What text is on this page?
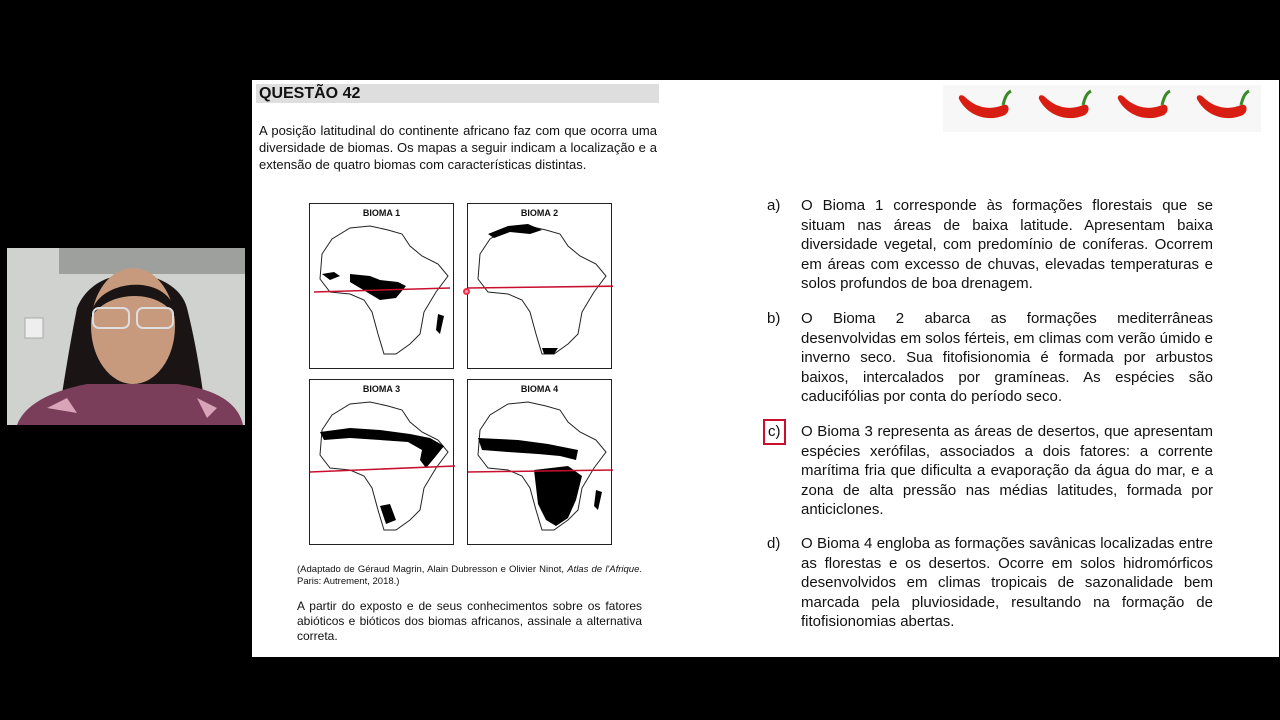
QUESTÃO 42
A posição latitudinal do continente africano faz com que ocorra uma diversidade de biomas. Os mapas a seguir indicam a localização e a extensão de quatro biomas com características distintas.
BIOMA 1	BIOMA 2
BIOMA 3	BIOMA 4
(Adaptado de Géraud Magrin, Alain Dubresson e Olivier Ninot, Atlas de l'Afrique. Paris: Autrement, 2018.)
A partir do exposto e de seus conhecimentos sobre os fatores abióticos e bióticos dos biomas africanos, assinale a alternativa correta.
a)	O Bioma 1 corresponde às formações florestais que se situam nas áreas de baixa latitude. Apresentam baixa diversidade vegetal, com predomínio de coníferas. Ocorrem em áreas com excesso de chuvas, elevadas temperaturas e solos profundos de boa drenagem.
b)	O Bioma 2 abarca as formações mediterrâneas desenvolvidas em solos férteis, em climas com verão úmido e inverno seco. Sua fitofisionomia é formada por arbustos baixos, intercalados por gramíneas. As espécies são caducifólias por conta do período seco.
c)	O Bioma 3 representa as áreas de desertos, que apresentam espécies xerófilas, associados a dois fatores: a corrente marítima fria que dificulta a evaporação da água do mar, e a zona de alta pressão nas médias latitudes, formada por anticiclones.
d)	O Bioma 4 engloba as formações savânicas localizadas entre as florestas e os desertos. Ocorre em solos hidromórficos desenvolvidos em climas tropicais de sazonalidade bem marcada pela pluviosidade, resultando na formação de fitofisionomias abertas.
